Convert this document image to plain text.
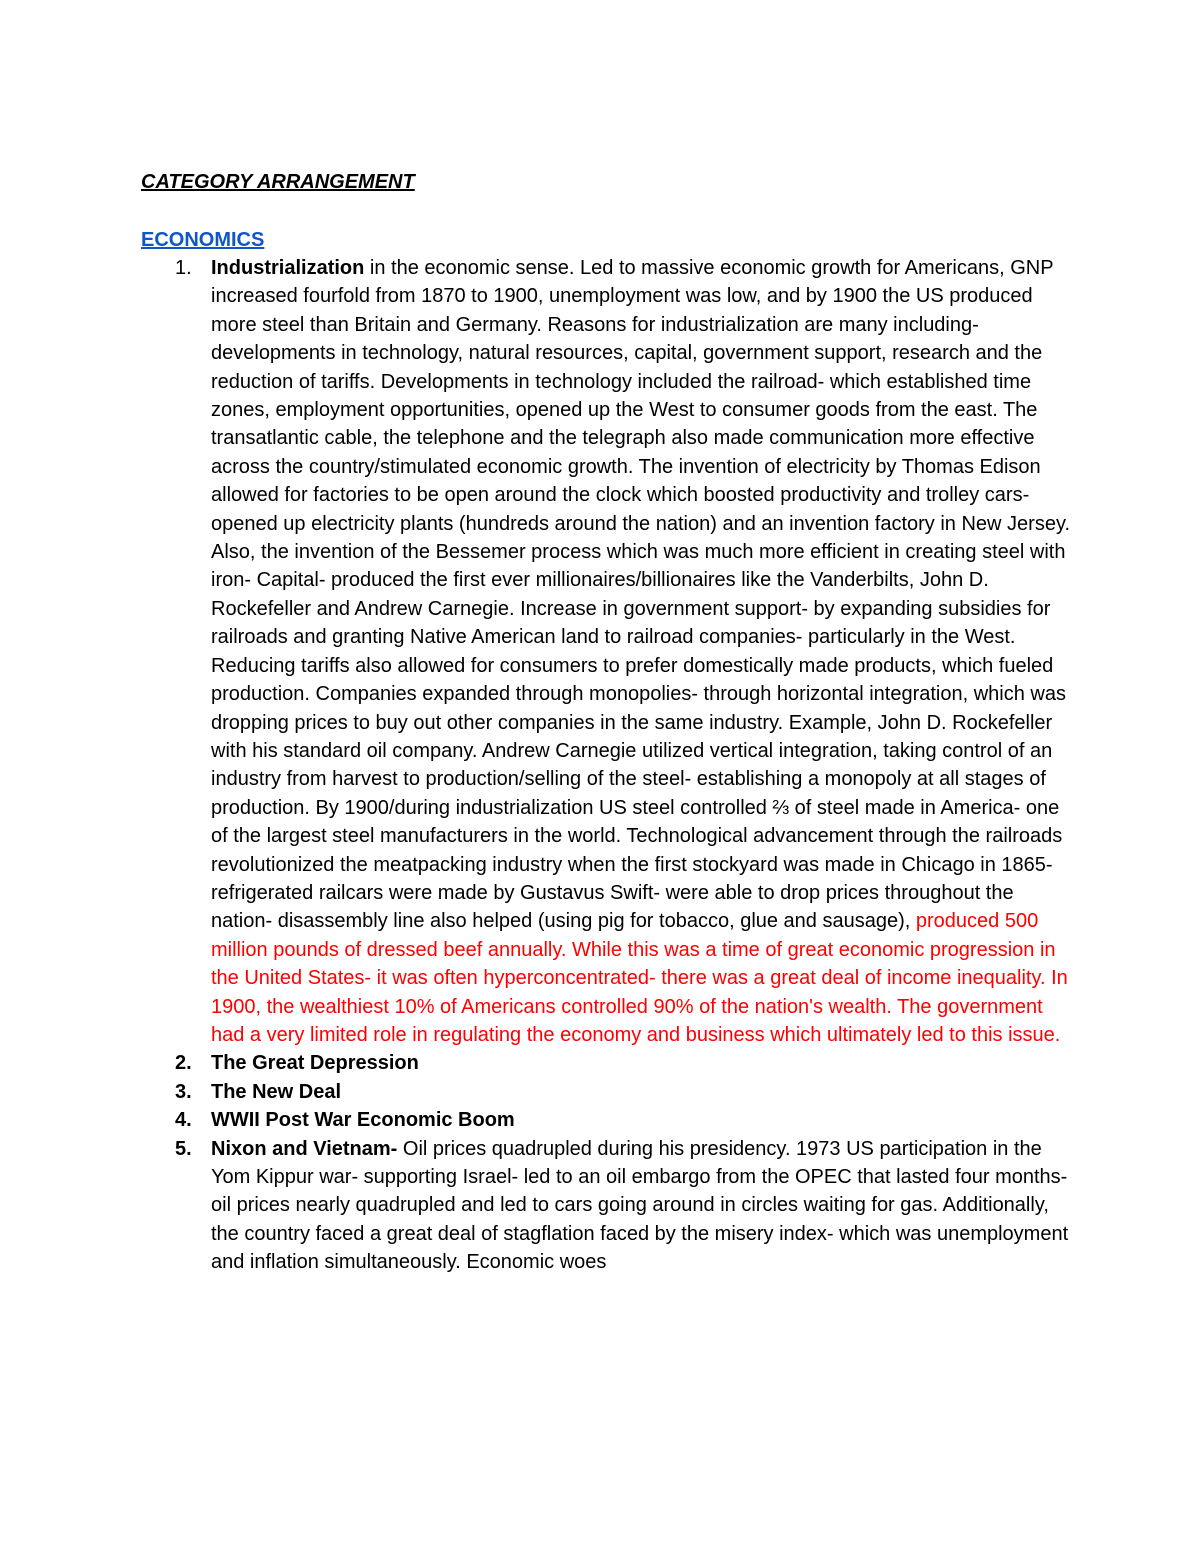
CATEGORY ARRANGEMENT
ECONOMICS
1. Industrialization in the economic sense. Led to massive economic growth for Americans, GNP increased fourfold from 1870 to 1900, unemployment was low, and by 1900 the US produced more steel than Britain and Germany. Reasons for industrialization are many including- developments in technology, natural resources, capital, government support, research and the reduction of tariffs. Developments in technology included the railroad- which established time zones, employment opportunities, opened up the West to consumer goods from the east. The transatlantic cable, the telephone and the telegraph also made communication more effective across the country/stimulated economic growth. The invention of electricity by Thomas Edison allowed for factories to be open around the clock which boosted productivity and trolley cars- opened up electricity plants (hundreds around the nation) and an invention factory in New Jersey. Also, the invention of the Bessemer process which was much more efficient in creating steel with iron- Capital- produced the first ever millionaires/billionaires like the Vanderbilts, John D. Rockefeller and Andrew Carnegie. Increase in government support- by expanding subsidies for railroads and granting Native American land to railroad companies- particularly in the West. Reducing tariffs also allowed for consumers to prefer domestically made products, which fueled production. Companies expanded through monopolies- through horizontal integration, which was dropping prices to buy out other companies in the same industry. Example, John D. Rockefeller with his standard oil company. Andrew Carnegie utilized vertical integration, taking control of an industry from harvest to production/selling of the steel- establishing a monopoly at all stages of production. By 1900/during industrialization US steel controlled ⅔ of steel made in America- one of the largest steel manufacturers in the world. Technological advancement through the railroads revolutionized the meatpacking industry when the first stockyard was made in Chicago in 1865- refrigerated railcars were made by Gustavus Swift- were able to drop prices throughout the nation- disassembly line also helped (using pig for tobacco, glue and sausage), produced 500 million pounds of dressed beef annually. While this was a time of great economic progression in the United States- it was often hyperconcentrated- there was a great deal of income inequality. In 1900, the wealthiest 10% of Americans controlled 90% of the nation's wealth. The government had a very limited role in regulating the economy and business which ultimately led to this issue.
2. The Great Depression
3. The New Deal
4. WWII Post War Economic Boom
5. Nixon and Vietnam- Oil prices quadrupled during his presidency. 1973 US participation in the Yom Kippur war- supporting Israel- led to an oil embargo from the OPEC that lasted four months- oil prices nearly quadrupled and led to cars going around in circles waiting for gas. Additionally, the country faced a great deal of stagflation faced by the misery index- which was unemployment and inflation simultaneously. Economic woes
